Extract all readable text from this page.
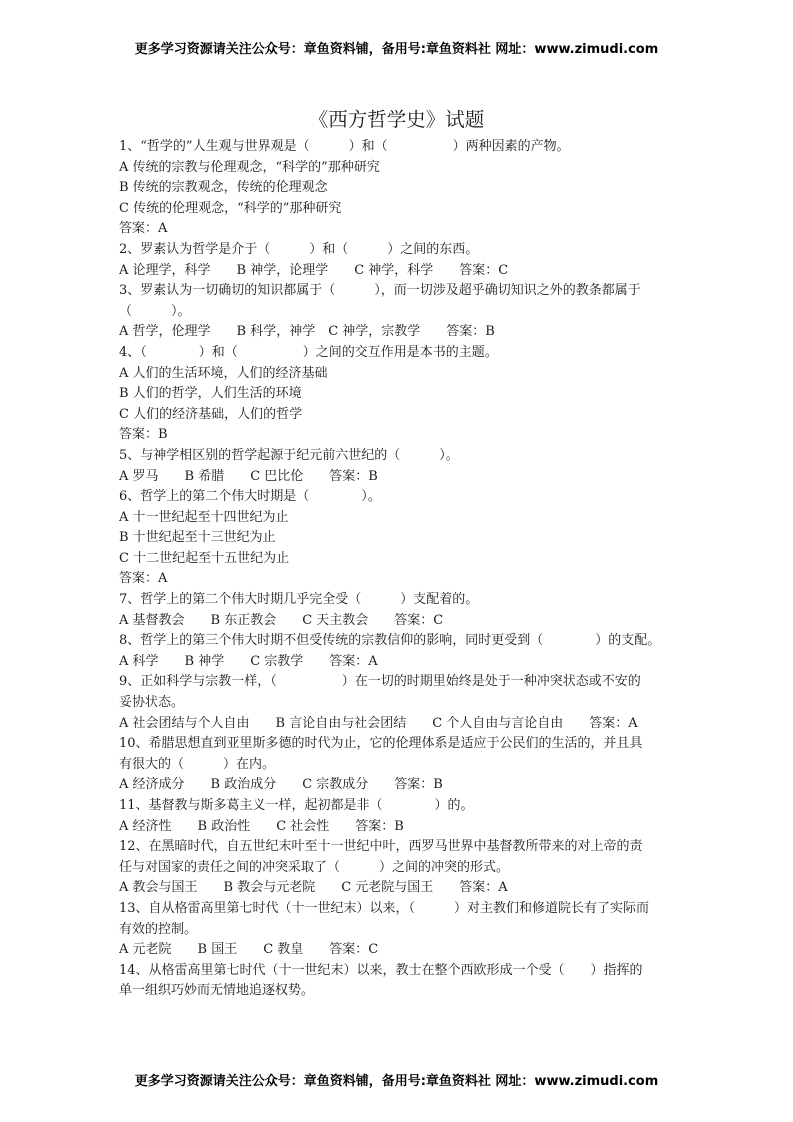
更多学习资源请关注公众号：章鱼资料铺，备用号:章鱼资料社 网址：www.zimudi.com
《西方哲学史》试题
1、“哲学的”人生观与世界观是（　　　）和（　　　　　）两种因素的产物。
A 传统的宗教与伦理观念，“科学的”那种研究
B 传统的宗教观念，传统的伦理观念
C 传统的伦理观念，“科学的”那种研究
答案：A
2、罗素认为哲学是介于（　　　）和（　　　）之间的东西。
A 论理学，科学　　B 神学，论理学　　C 神学，科学　　答案：C
3、罗素认为一切确切的知识都属于（　　　），而一切涉及超乎确切知识之外的教条都属于
（　　　）。
A 哲学，伦理学　　B 科学，神学　C 神学，宗教学　　答案：B
4、（　　　　）和（　　　　　）之间的交互作用是本书的主题。
A 人们的生活环境，人们的经济基础
B 人们的哲学，人们生活的环境
C 人们的经济基础，人们的哲学
答案：B
5、与神学相区别的哲学起源于纪元前六世纪的（　　　）。
A 罗马　　B 希腊　　C 巴比伦　　答案：B
6、哲学上的第二个伟大时期是（　　　　）。
A 十一世纪起至十四世纪为止
B 十世纪起至十三世纪为止
C 十二世纪起至十五世纪为止
答案：A
7、哲学上的第二个伟大时期几乎完全受（　　　）支配着的。
A 基督教会　　B 东正教会　　C 天主教会　　答案：C
8、哲学上的第三个伟大时期不但受传统的宗教信仰的影响，同时更受到（　　　　）的支配。
A 科学　　B 神学　　C 宗教学　　答案：A
9、正如科学与宗教一样，（　　　　　）在一切的时期里始终是处于一种冲突状态或不安的
妥协状态。
A 社会团结与个人自由　　B 言论自由与社会团结　　C 个人自由与言论自由　　答案：A
10、希腊思想直到亚里斯多德的时代为止，它的伦理体系是适应于公民们的生活的，并且具
有很大的（　　　）在内。
A 经济成分　　B 政治成分　　C 宗教成分　　答案：B
11、基督教与斯多葛主义一样，起初都是非（　　　　）的。
A 经济性　　B 政治性　　C 社会性　　答案：B
12、在黑暗时代，自五世纪末叶至十一世纪中叶，西罗马世界中基督教所带来的对上帝的责
任与对国家的责任之间的冲突采取了（　　　）之间的冲突的形式。
A 教会与国王　　B 教会与元老院　　C 元老院与国王　　答案：A
13、自从格雷高里第七时代（十一世纪末）以来，（　　　）对主教们和修道院长有了实际而
有效的控制。
A 元老院　　B 国王　　C 教皇　　答案：C
14、从格雷高里第七时代（十一世纪末）以来，教士在整个西欧形成一个受（　　）指挥的
单一组织巧妙而无情地追逐权势。
更多学习资源请关注公众号：章鱼资料铺，备用号:章鱼资料社 网址：www.zimudi.com
